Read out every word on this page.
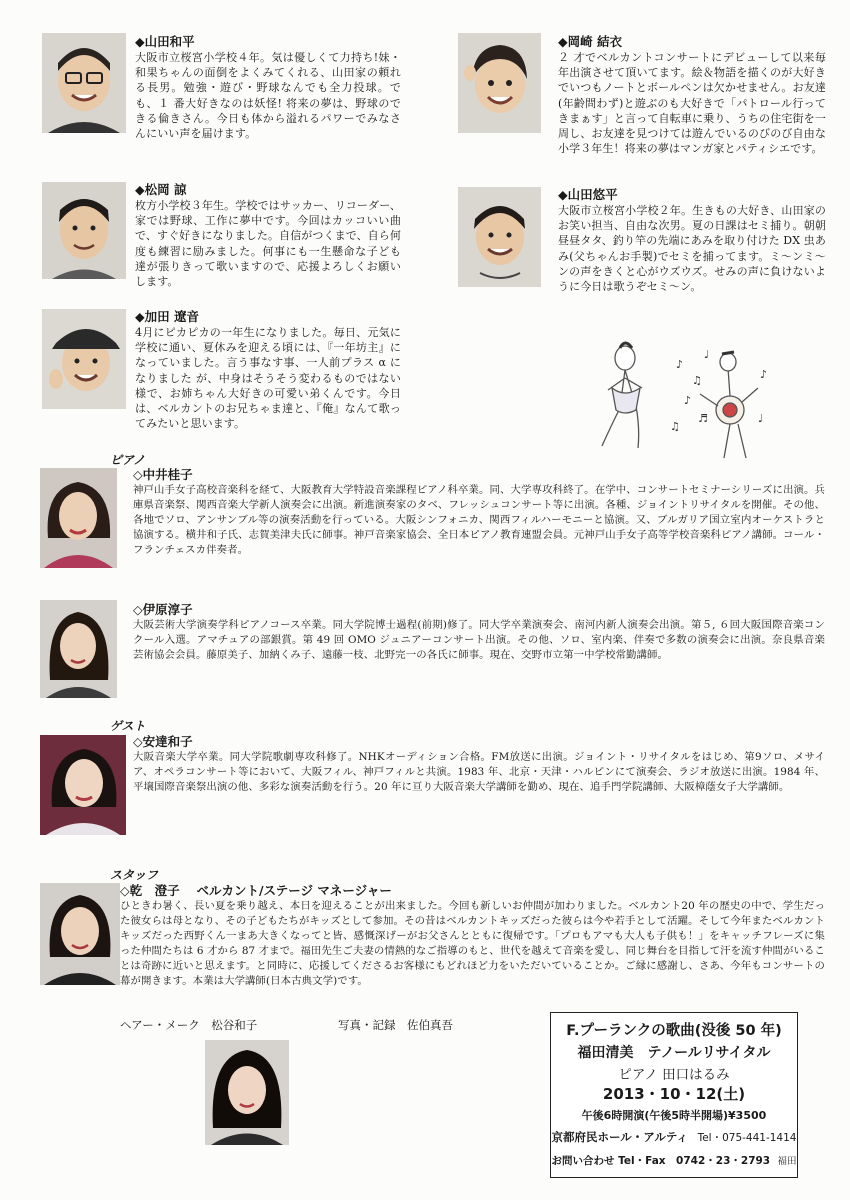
◆山田和平
大阪市立桜宮小学校４年。気は優しくて力持ち!妹・和果ちゃんの面倒をよくみてくれる、山田家の頼れる長男。勉強・遊び・野球なんでも全力投球。でも、１ 番大好きなのは妖怪! 将来の夢は、野球のできる倫きさん。今日も体から溢れるパワーでみなさんにいい声を届けます。
◆岡崎 結衣
２ 才でベルカントコンサートにデビューして以来毎年出演させて頂いてます。絵＆物語を描くのが大好きでいつもノートとボールペンは欠かせません。お友達(年齢問わず)と遊ぶのも大好きで「パトロール行ってきまぁす」と言って自転車に乗り、うちの住宅街を一周し、お友達を見つけては遊んでいるのびのび自由な小学３年生！将来の夢はマンガ家とパティシエです。
◆松岡 諒
枚方小学校３年生。学校ではサッカー、リコーダー、家では野球、工作に夢中です。今回はカッコいい曲で、すぐ好きになりました。自信がつくまで、自ら何度も練習に励みました。何事にも一生懸命な子ども達が張りきって歌いますので、応援よろしくお願いします。
◆山田悠平
大阪市立桜宮小学校２年。生きもの大好き、山田家のお笑い担当、自由な次男。夏の日課はセミ捕り。朝朝昼昼タタ、釣り竿の先端にあみを取り付けた DX 虫あみ(父ちゃんお手製)でセミを捕ってます。ミ〜ンミ〜ンの声をきくと心がウズウズ。せみの声に負けないように今日は歌うぞセミ〜ン。
◆加田 遼音
4月にピカピカの一年生になりました。毎日、元気に学校に通い、夏休みを迎える頃には、『一年坊主』になっていました。言う事なす事、一人前プラス α になりました が、中身はそうそう変わるものではない様で、お姉ちゃん大好きの可愛い弟くんです。今日は、ベルカントのお兄ちゃま達と、『俺』なんて歌ってみたいと思います。
♪
♫
♩
♪
♬
♪
♫
♩
ピアノ
◇中井桂子
神戸山手女子高校音楽科を経て、大阪教育大学特設音楽課程ピアノ科卒業。同、大学専攻科終了。在学中、コンサートセミナーシリーズに出演。兵庫県音楽祭、関西音楽大学新人演奏会に出演。新進演奏家のタベ、フレッシュコンサート等に出演。各種、ジョイントリサイタルを開催。その他、各地でソロ、アンサンブル等の演奏活動を行っている。大阪シンフォニカ、関西フィルハーモニーと協演。又、ブルガリア国立室内オーケストラと協演する。横井和子氏、志賀美津夫氏に師事。神戸音楽家協会、全日本ピアノ教育連盟会員。元神戸山手女子高等学校音楽科ピアノ講師。コール・フランチェスカ伴奏者。
◇伊原淳子
大阪芸術大学演奏学科ピアノコース卒業。同大学院博士過程(前期)修了。同大学卒業演奏会、南河内新人演奏会出演。第５, ６回大阪国際音楽コンクール入選。アマチュアの部銀賞。第 49 回 OMO ジュニアーコンサート出演。その他、ソロ、室内楽、伴奏で多数の演奏会に出演。奈良県音楽芸術協会会員。藤原美子、加納くみ子、遠藤一枝、北野完一の各氏に師事。現在、交野市立第一中学校常勤講師。
ゲスト
◇安達和子
大阪音楽大学卒業。同大学院歌劇専攻科修了。NHKオーディション合格。FM放送に出演。ジョイント・リサイタルをはじめ、第9ソロ、メサイア、オペラコンサート等において、大阪フィル、神戸フィルと共演。1983 年、北京・天津・ハルピンにて演奏会、ラジオ放送に出演。1984 年、平壌国際音楽祭出演の他、多彩な演奏活動を行う。20 年に亘り大阪音楽大学講師を勤め、現在、追手門学院講師、大阪樟蔭女子大学講師。
スタッフ
◇乾　澄子　 ベルカント/ステージ マネージャー
ひときわ暑く、長い夏を乗り越え、本日を迎えることが出来ました。今回も新しいお仲間が加わりました。ベルカント20 年の歴史の中で、学生だった彼女らは母となり、その子どもたちがキッズとして参加。その昔はベルカントキッズだった彼らは今や若手として活躍。そして今年またベルカントキッズだった西野くん一まあ大きくなってと皆、感慨深げーがお父さんとともに復帰です。「プロもアマも大人も子供も！」をキャッチフレーズに集った仲間たちは 6 才から 87 才まで。福田先生ご夫妻の情熱的なご指導のもと、世代を越えて音楽を愛し、同じ舞台を目指して汗を流す仲間がいることは奇跡に近いと思えます。と同時に、応援してくださるお客様にもどれほど力をいただいていることか。ご縁に感謝し、さあ、今年もコンサートの幕が開きます。本業は大学講師(日本古典文学)です。
ヘアー・メーク　松谷和子	写真・記録　佐伯真吾	F.プーランクの歌曲(没後 50 年)
福田清美　テノールリサイタル
ピアノ 田口はるみ
2013・10・12(土)
午後6時開演(午後5時半開場)¥3500
京都府民ホール・アルティ Tel・075-441-1414
お問い合わせ Tel・Fax　0742・23・2793 福田
